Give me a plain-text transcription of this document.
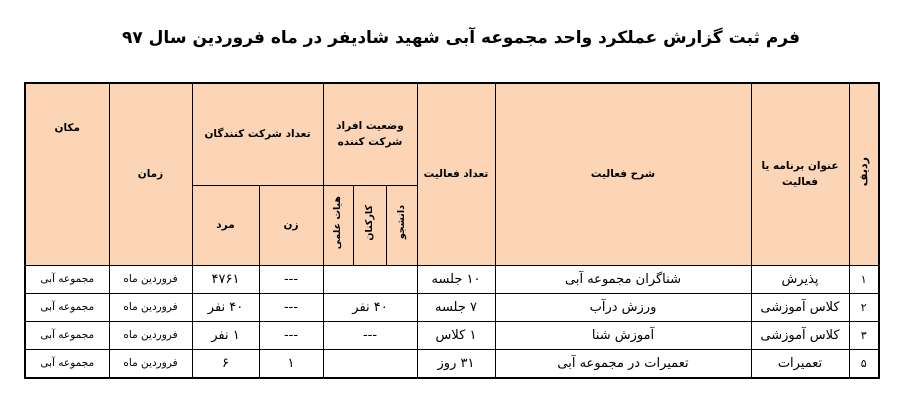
فرم ثبت گزارش عملکرد واحد مجموعه آبی شهید شادیفر در ماه فروردین سال ۹۷
ردیف	عنوان برنامه یا فعالیت	شرح فعالیت	تعداد فعالیت	وضعیت افراد شرکت کننده			تعداد شرکت کنندگان		زمان	مکان
				دانشجو	کارکنان	هیات علمی	زن	مرد		
۱	پذیرش	شناگران مجموعه آبی	۱۰ جلسه				---	۴۷۶۱	فروردین ماه	مجموعه آبی
۲	کلاس آموزشی	ورزش درآب	۷ جلسه	۴۰ نفر			---	۴۰ نفر	فروردین ماه	مجموعه آبی
۳	کلاس آموزشی	آموزش شنا	۱ کلاس	---			---	۱ نفر	فروردین ماه	مجموعه آبی
۵	تعمیرات	تعمیرات در مجموعه آبی	۳۱ روز				۱	۶	فروردین ماه	مجموعه آبی
